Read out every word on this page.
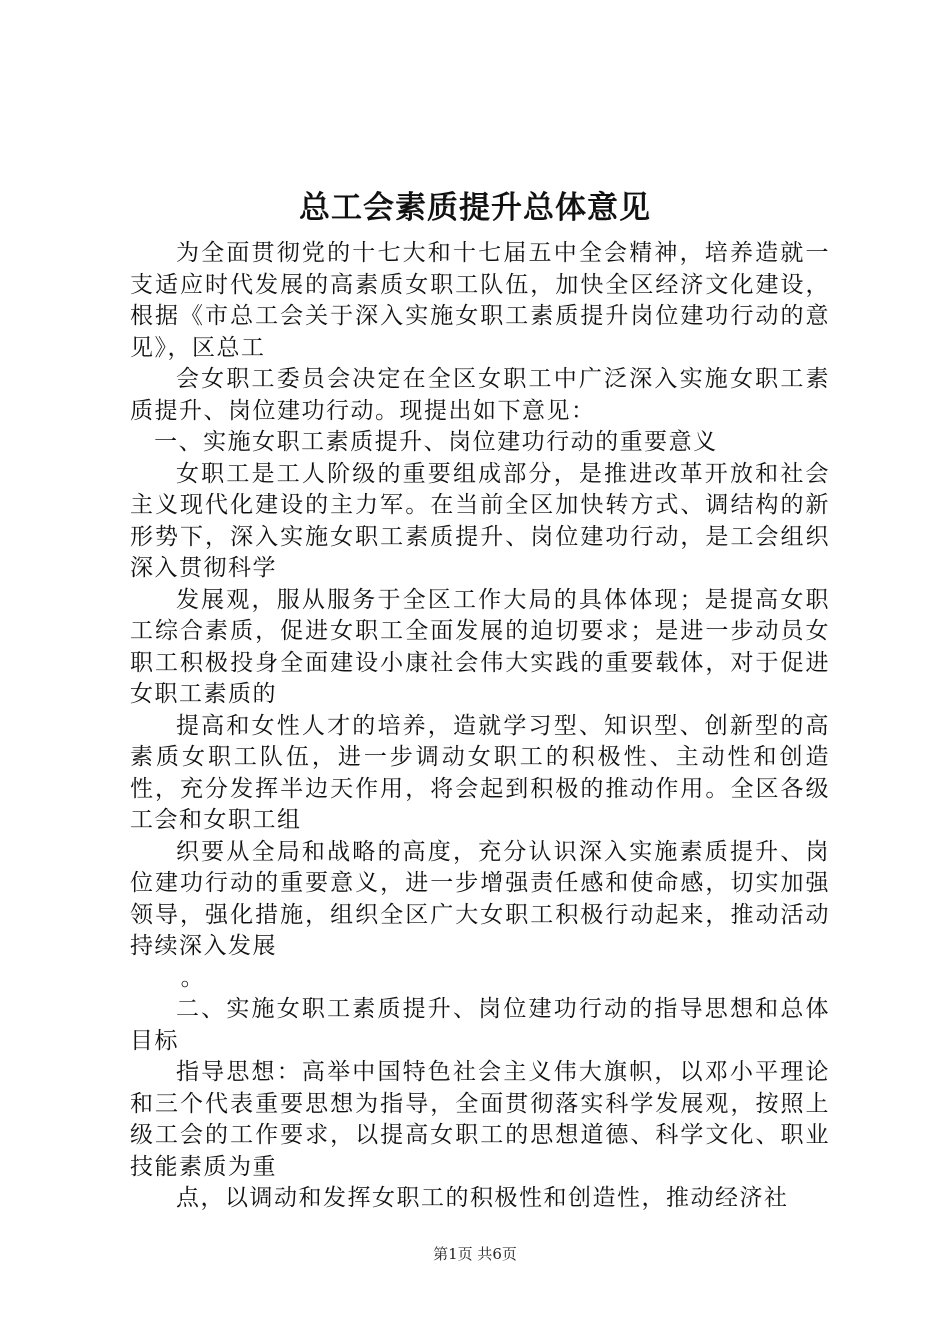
总工会素质提升总体意见

为全面贯彻党的十七大和十七届五中全会精神，培养造就一支适应时代发展的高素质女职工队伍，加快全区经济文化建设，根据《市总工会关于深入实施女职工素质提升岗位建功行动的意见》，区总工

会女职工委员会决定在全区女职工中广泛深入实施女职工素质提升、岗位建功行动。现提出如下意见：

一、实施女职工素质提升、岗位建功行动的重要意义

女职工是工人阶级的重要组成部分，是推进改革开放和社会主义现代化建设的主力军。在当前全区加快转方式、调结构的新形势下，深入实施女职工素质提升、岗位建功行动，是工会组织深入贯彻科学

发展观，服从服务于全区工作大局的具体体现；是提高女职工综合素质，促进女职工全面发展的迫切要求；是进一步动员女职工积极投身全面建设小康社会伟大实践的重要载体，对于促进女职工素质的

提高和女性人才的培养，造就学习型、知识型、创新型的高素质女职工队伍，进一步调动女职工的积极性、主动性和创造性，充分发挥半边天作用，将会起到积极的推动作用。全区各级工会和女职工组

织要从全局和战略的高度，充分认识深入实施素质提升、岗位建功行动的重要意义，进一步增强责任感和使命感，切实加强领导，强化措施，组织全区广大女职工积极行动起来，推动活动持续深入发展

。

二、实施女职工素质提升、岗位建功行动的指导思想和总体目标

指导思想：高举中国特色社会主义伟大旗帜，以邓小平理论和三个代表重要思想为指导，全面贯彻落实科学发展观，按照上级工会的工作要求，以提高女职工的思想道德、科学文化、职业技能素质为重

点，以调动和发挥女职工的积极性和创造性，推动经济社

第1页 共6页
